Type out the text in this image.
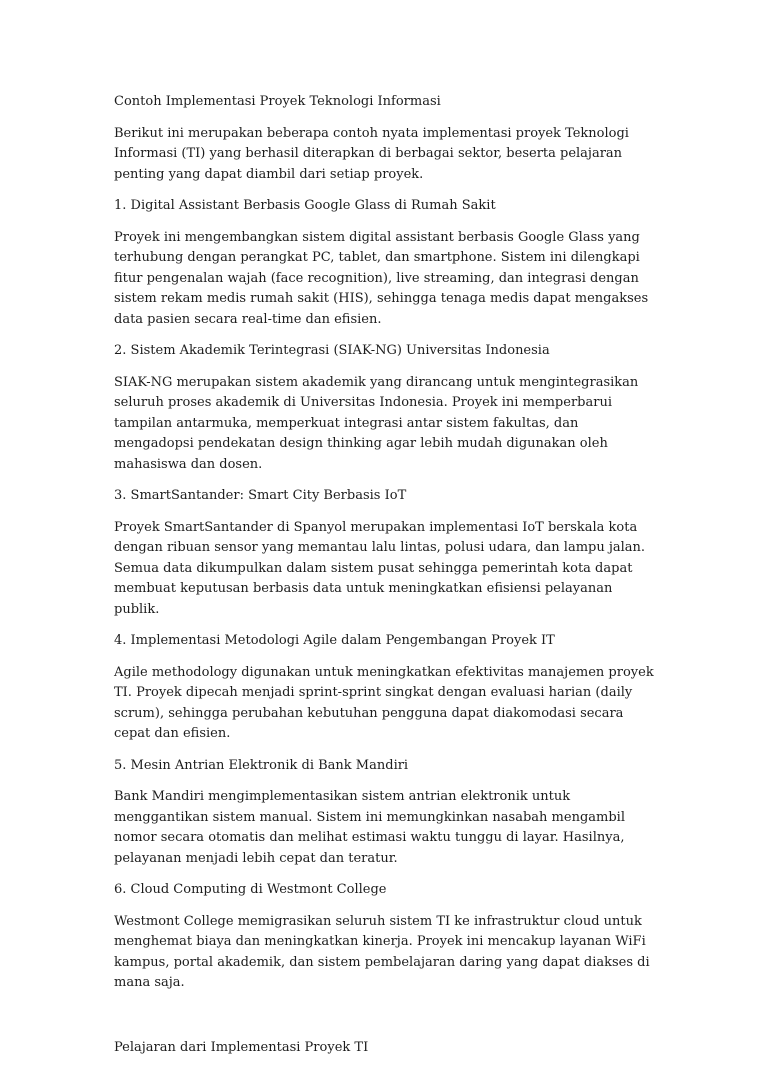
Contoh Implementasi Proyek Teknologi Informasi

Berikut ini merupakan beberapa contoh nyata implementasi proyek Teknologi Informasi (TI) yang berhasil diterapkan di berbagai sektor, beserta pelajaran penting yang dapat diambil dari setiap proyek.

1. Digital Assistant Berbasis Google Glass di Rumah Sakit

Proyek ini mengembangkan sistem digital assistant berbasis Google Glass yang terhubung dengan perangkat PC, tablet, dan smartphone. Sistem ini dilengkapi fitur pengenalan wajah (face recognition), live streaming, dan integrasi dengan sistem rekam medis rumah sakit (HIS), sehingga tenaga medis dapat mengakses data pasien secara real-time dan efisien.

2. Sistem Akademik Terintegrasi (SIAK-NG) Universitas Indonesia

SIAK-NG merupakan sistem akademik yang dirancang untuk mengintegrasikan seluruh proses akademik di Universitas Indonesia. Proyek ini memperbarui tampilan antarmuka, memperkuat integrasi antar sistem fakultas, dan mengadopsi pendekatan design thinking agar lebih mudah digunakan oleh mahasiswa dan dosen.

3. SmartSantander: Smart City Berbasis IoT

Proyek SmartSantander di Spanyol merupakan implementasi IoT berskala kota dengan ribuan sensor yang memantau lalu lintas, polusi udara, dan lampu jalan. Semua data dikumpulkan dalam sistem pusat sehingga pemerintah kota dapat membuat keputusan berbasis data untuk meningkatkan efisiensi pelayanan publik.

4. Implementasi Metodologi Agile dalam Pengembangan Proyek IT

Agile methodology digunakan untuk meningkatkan efektivitas manajemen proyek TI. Proyek dipecah menjadi sprint-sprint singkat dengan evaluasi harian (daily scrum), sehingga perubahan kebutuhan pengguna dapat diakomodasi secara cepat dan efisien.

5. Mesin Antrian Elektronik di Bank Mandiri

Bank Mandiri mengimplementasikan sistem antrian elektronik untuk menggantikan sistem manual. Sistem ini memungkinkan nasabah mengambil nomor secara otomatis dan melihat estimasi waktu tunggu di layar. Hasilnya, pelayanan menjadi lebih cepat dan teratur.

6. Cloud Computing di Westmont College

Westmont College memigrasikan seluruh sistem TI ke infrastruktur cloud untuk menghemat biaya dan meningkatkan kinerja. Proyek ini mencakup layanan WiFi kampus, portal akademik, dan sistem pembelajaran daring yang dapat diakses di mana saja.

Pelajaran dari Implementasi Proyek TI
